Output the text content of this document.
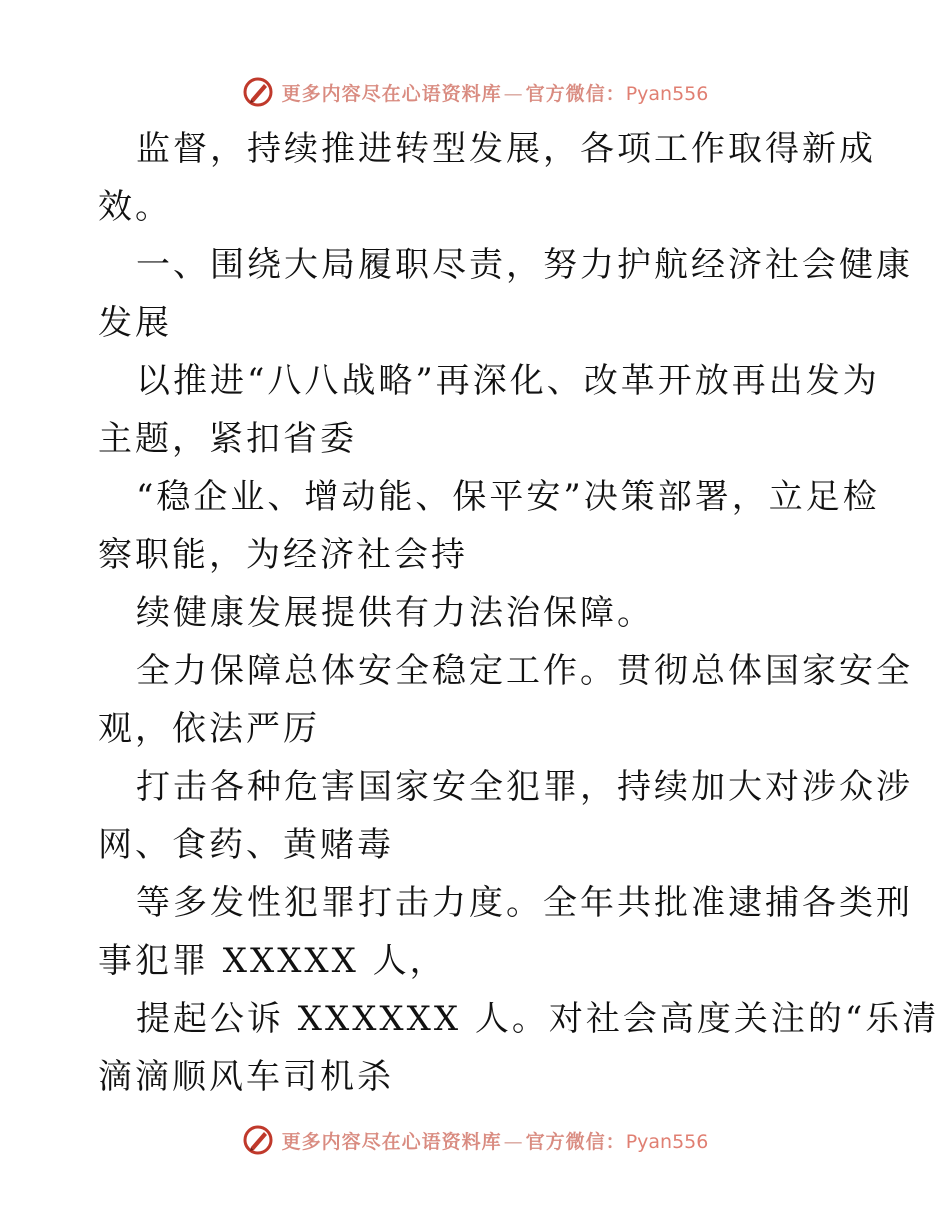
更多内容尽在心语资料库 — 官方微信：Pyan556
监督，持续推进转型发展，各项工作取得新成
效。
一、围绕大局履职尽责，努力护航经济社会健康
发展
以推进“八八战略”再深化、改革开放再出发为
主题，紧扣省委
“稳企业、增动能、保平安”决策部署，立足检
察职能，为经济社会持
续健康发展提供有力法治保障。
全力保障总体安全稳定工作。贯彻总体国家安全
观，依法严厉
打击各种危害国家安全犯罪，持续加大对涉众涉
网、食药、黄赌毒
等多发性犯罪打击力度。全年共批准逮捕各类刑
事犯罪 XXXXX 人，
提起公诉 XXXXXX 人。对社会高度关注的“乐清
滴滴顺风车司机杀
更多内容尽在心语资料库 — 官方微信：Pyan556
